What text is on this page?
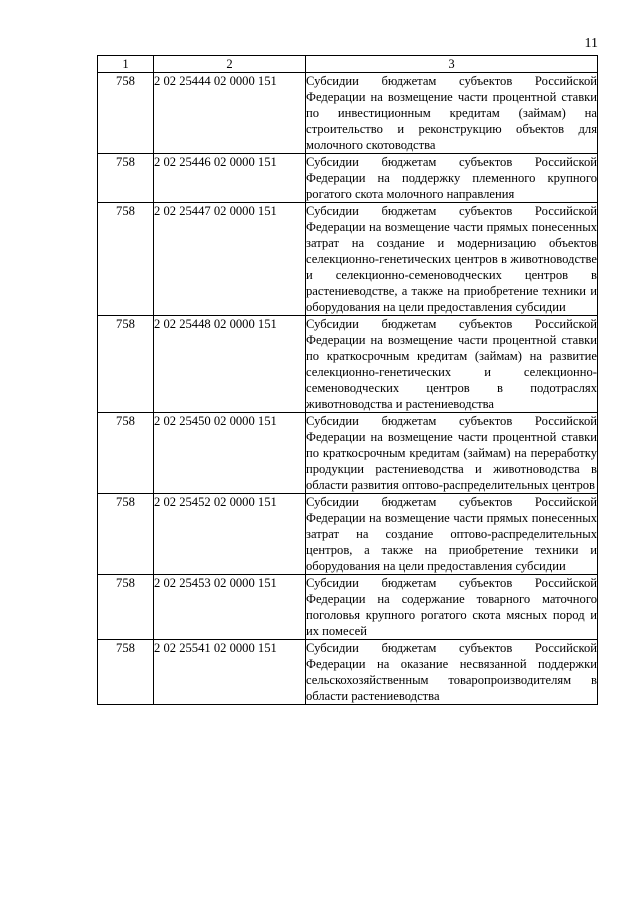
11
1	2	3
758	2 02 25444 02 0000 151	Субсидии бюджетам субъектов Российской Федерации на возмещение части процентной ставки по инвестиционным кредитам (займам) на строительство и реконструкцию объектов для молочного скотоводства
758	2 02 25446 02 0000 151	Субсидии бюджетам субъектов Российской Федерации на поддержку племенного крупного рогатого скота молочного направления
758	2 02 25447 02 0000 151	Субсидии бюджетам субъектов Российской Федерации на возмещение части прямых понесенных затрат на создание и модернизацию объектов селекционно-генетических центров в животноводстве и селекционно-семеноводческих центров в растениеводстве, а также на приобретение техники и оборудования на цели предоставления субсидии
758	2 02 25448 02 0000 151	Субсидии бюджетам субъектов Российской Федерации на возмещение части процентной ставки по краткосрочным кредитам (займам) на развитие селекционно-генетических и селекционно-семеноводческих центров в подотраслях животноводства и растениеводства
758	2 02 25450 02 0000 151	Субсидии бюджетам субъектов Российской Федерации на возмещение части процентной ставки по краткосрочным кредитам (займам) на переработку продукции растениеводства и животноводства в области развития оптово-распределительных центров
758	2 02 25452 02 0000 151	Субсидии бюджетам субъектов Российской Федерации на возмещение части прямых понесенных затрат на создание оптово-распределительных центров, а также на приобретение техники и оборудования на цели предоставления субсидии
758	2 02 25453 02 0000 151	Субсидии бюджетам субъектов Российской Федерации на содержание товарного маточного поголовья крупного рогатого скота мясных пород и их помесей
758	2 02 25541 02 0000 151	Субсидии бюджетам субъектов Российской Федерации на оказание несвязанной поддержки сельскохозяйственным товаропроизводителям в области растениеводства
